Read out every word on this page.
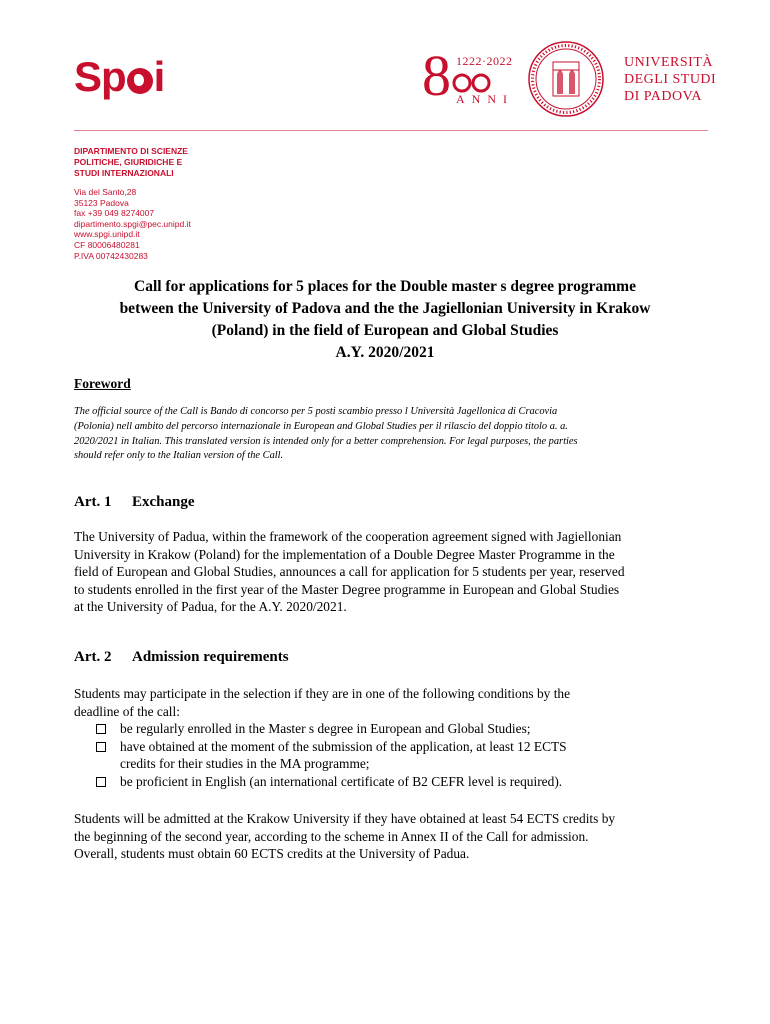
Sp i	8 1222·2022
ANNI
UNIVERSITÀ
DEGLI STUDI
DI PADOVA
DIPARTIMENTO DI SCIENZE
POLITICHE, GIURIDICHE E
STUDI INTERNAZIONALI
Via del Santo,28
35123 Padova
fax +39 049 8274007
dipartimento.spgi@pec.unipd.it
www.spgi.unipd.it
CF 80006480281
P.IVA 00742430283
Call for applications for 5 places for the Double master s degree programme
between the University of Padova and the the Jagiellonian University in Krakow
(Poland) in the field of European and Global Studies
A.Y. 2020/2021
Foreword
The official source of the Call is Bando di concorso per 5 posti scambio presso l Università Jagellonica di Cracovia
(Polonia) nell ambito del percorso internazionale in European and Global Studies per il rilascio del doppio titolo a. a.
2020/2021 in Italian. This translated version is intended only for a better comprehension. For legal purposes, the parties
should refer only to the Italian version of the Call.
Art. 1 Exchange
The University of Padua, within the framework of the cooperation agreement signed with Jagiellonian
University in Krakow (Poland) for the implementation of a Double Degree Master Programme in the
field of European and Global Studies, announces a call for application for 5 students per year, reserved
to students enrolled in the first year of the Master Degree programme in European and Global Studies
at the University of Padua, for the A.Y. 2020/2021.
Art. 2 Admission requirements
Students may participate in the selection if they are in one of the following conditions by the
deadline of the call:
be regularly enrolled in the Master s degree in European and Global Studies;
have obtained at the moment of the submission of the application, at least 12 ECTS
credits for their studies in the MA programme;
be proficient in English (an international certificate of B2 CEFR level is required).
Students will be admitted at the Krakow University if they have obtained at least 54 ECTS credits by
the beginning of the second year, according to the scheme in Annex II of the Call for admission.
Overall, students must obtain 60 ECTS credits at the University of Padua.
